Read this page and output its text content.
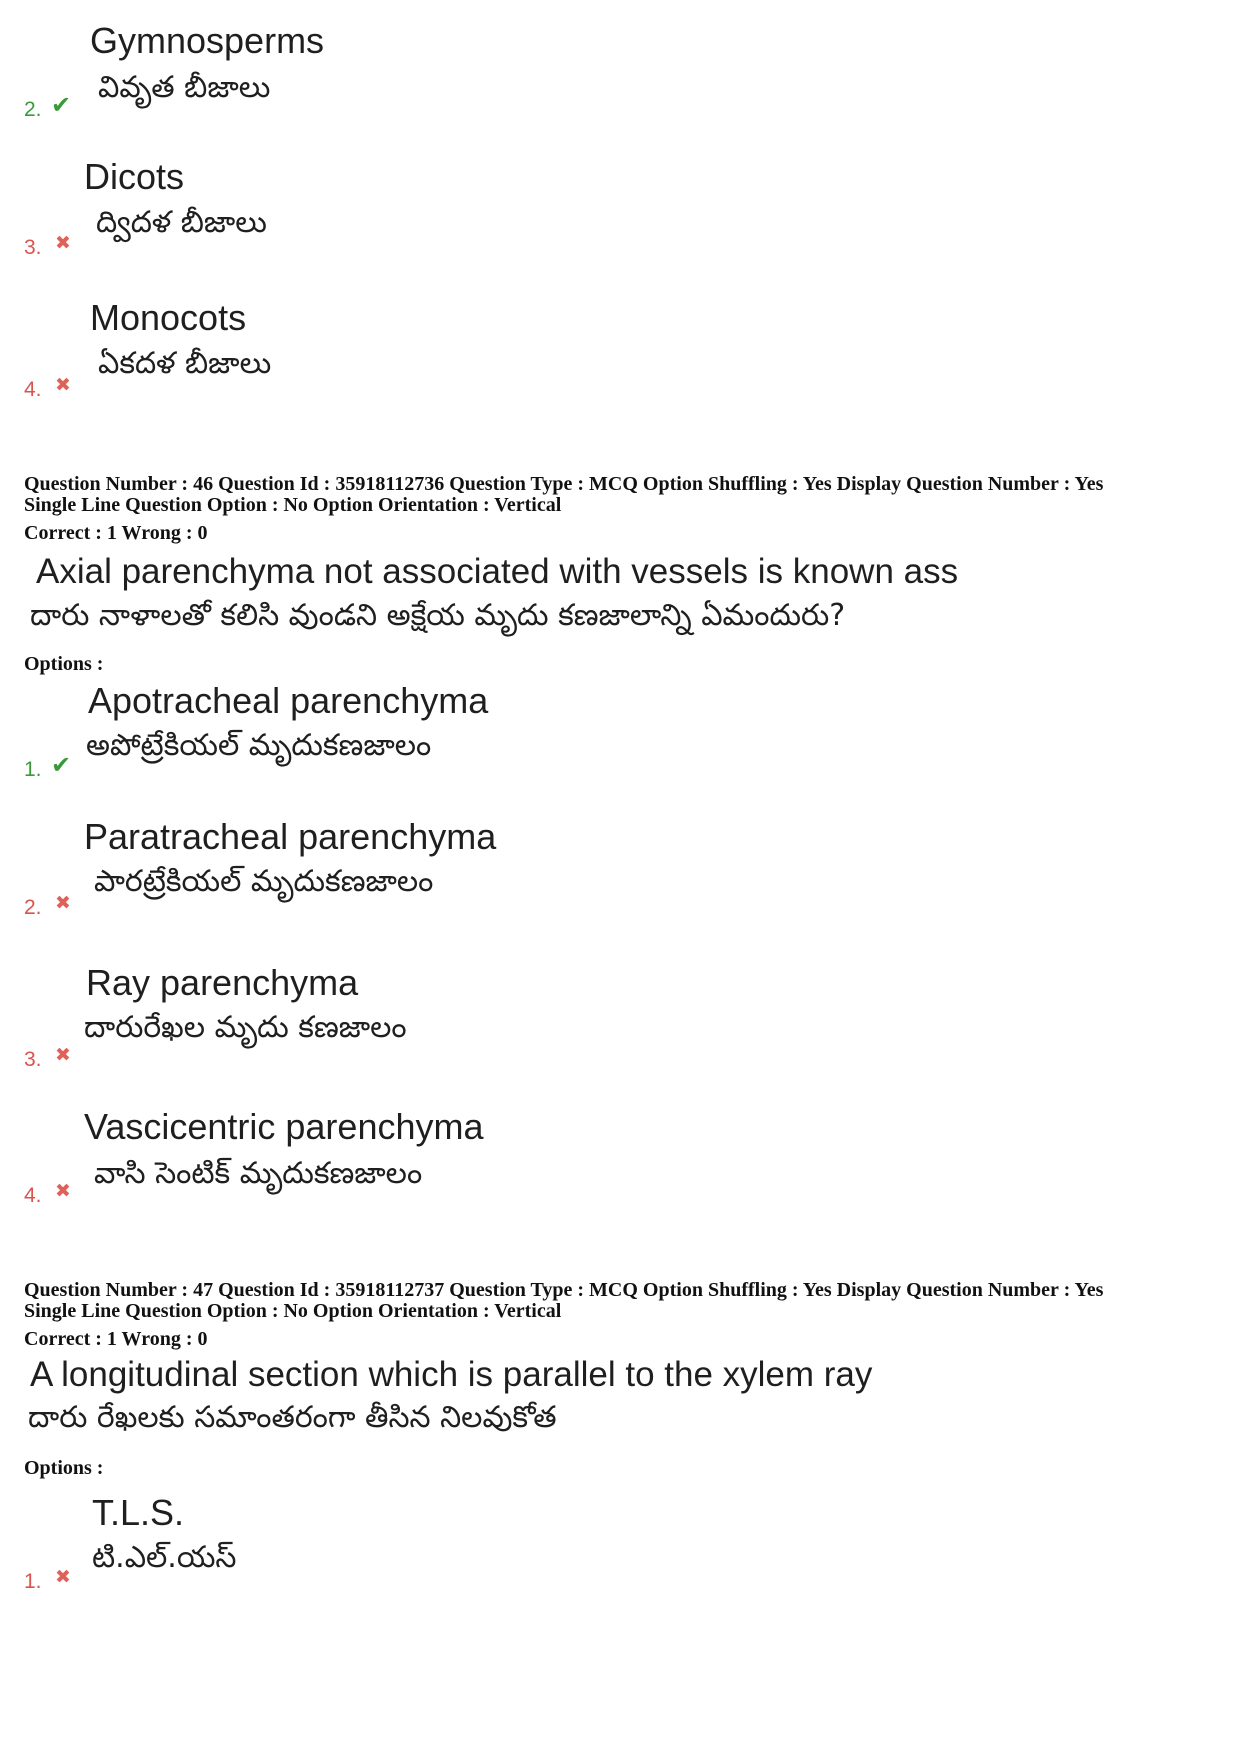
Gymnosperms
వివృత బీజాలు
2. ✔
Dicots
ద్విదళ బీజాలు
3. ✖
Monocots
ఏకదళ బీజాలు
4. ✖
Question Number : 46 Question Id : 35918112736 Question Type : MCQ Option Shuffling : Yes Display Question Number : Yes
Single Line Question Option : No Option Orientation : Vertical
Correct : 1 Wrong : 0
Axial parenchyma not associated with vessels is known ass
దారు నాళాలతో కలిసి వుండని అక్షేయ మృదు కణజాలాన్ని ఏమందురు?
Options :
Apotracheal parenchyma
అపోట్రేకియల్ మృదుకణజాలం
1. ✔
Paratracheal parenchyma
పారట్రేకియల్ మృదుకణజాలం
2. ✖
Ray parenchyma
దారురేఖల మృదు కణజాలం
3. ✖
Vascicentric parenchyma
వాసి సెంటిక్ మృదుకణజాలం
4. ✖
Question Number : 47 Question Id : 35918112737 Question Type : MCQ Option Shuffling : Yes Display Question Number : Yes
Single Line Question Option : No Option Orientation : Vertical
Correct : 1 Wrong : 0
A longitudinal section which is parallel to the xylem ray
దారు రేఖలకు సమాంతరంగా తీసిన నిలవుకోత
Options :
T.L.S.
టి.ఎల్.యస్
1. ✖
